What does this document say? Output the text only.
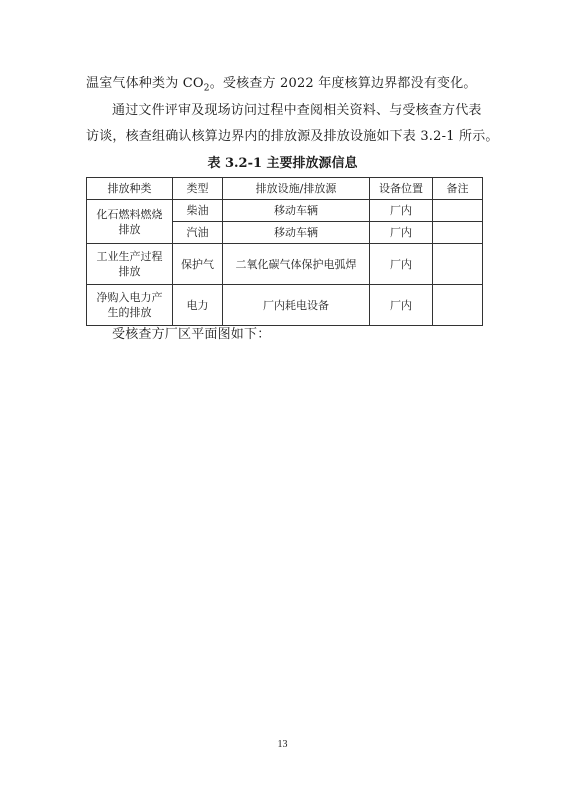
温室气体种类为 $CO_2$。受核查方 2022 年度核算边界都没有变化。
通过文件评审及现场访问过程中查阅相关资料、与受核查方代表
访谈，核查组确认核算边界内的排放源及排放设施如下表 3.2-1 所示。
表 3.2-1 主要排放源信息
排放种类	类型	排放设施/排放源	设备位置	备注

化石燃料燃烧排放	柴油	移动车辆	厂内	
	汽油	移动车辆	厂内	

工业生产过程排放	保护气	二氧化碳气体保护电弧焊	厂内	

净购入电力产生的排放	电力	厂内耗电设备	厂内	
受核查方厂区平面图如下：
13
